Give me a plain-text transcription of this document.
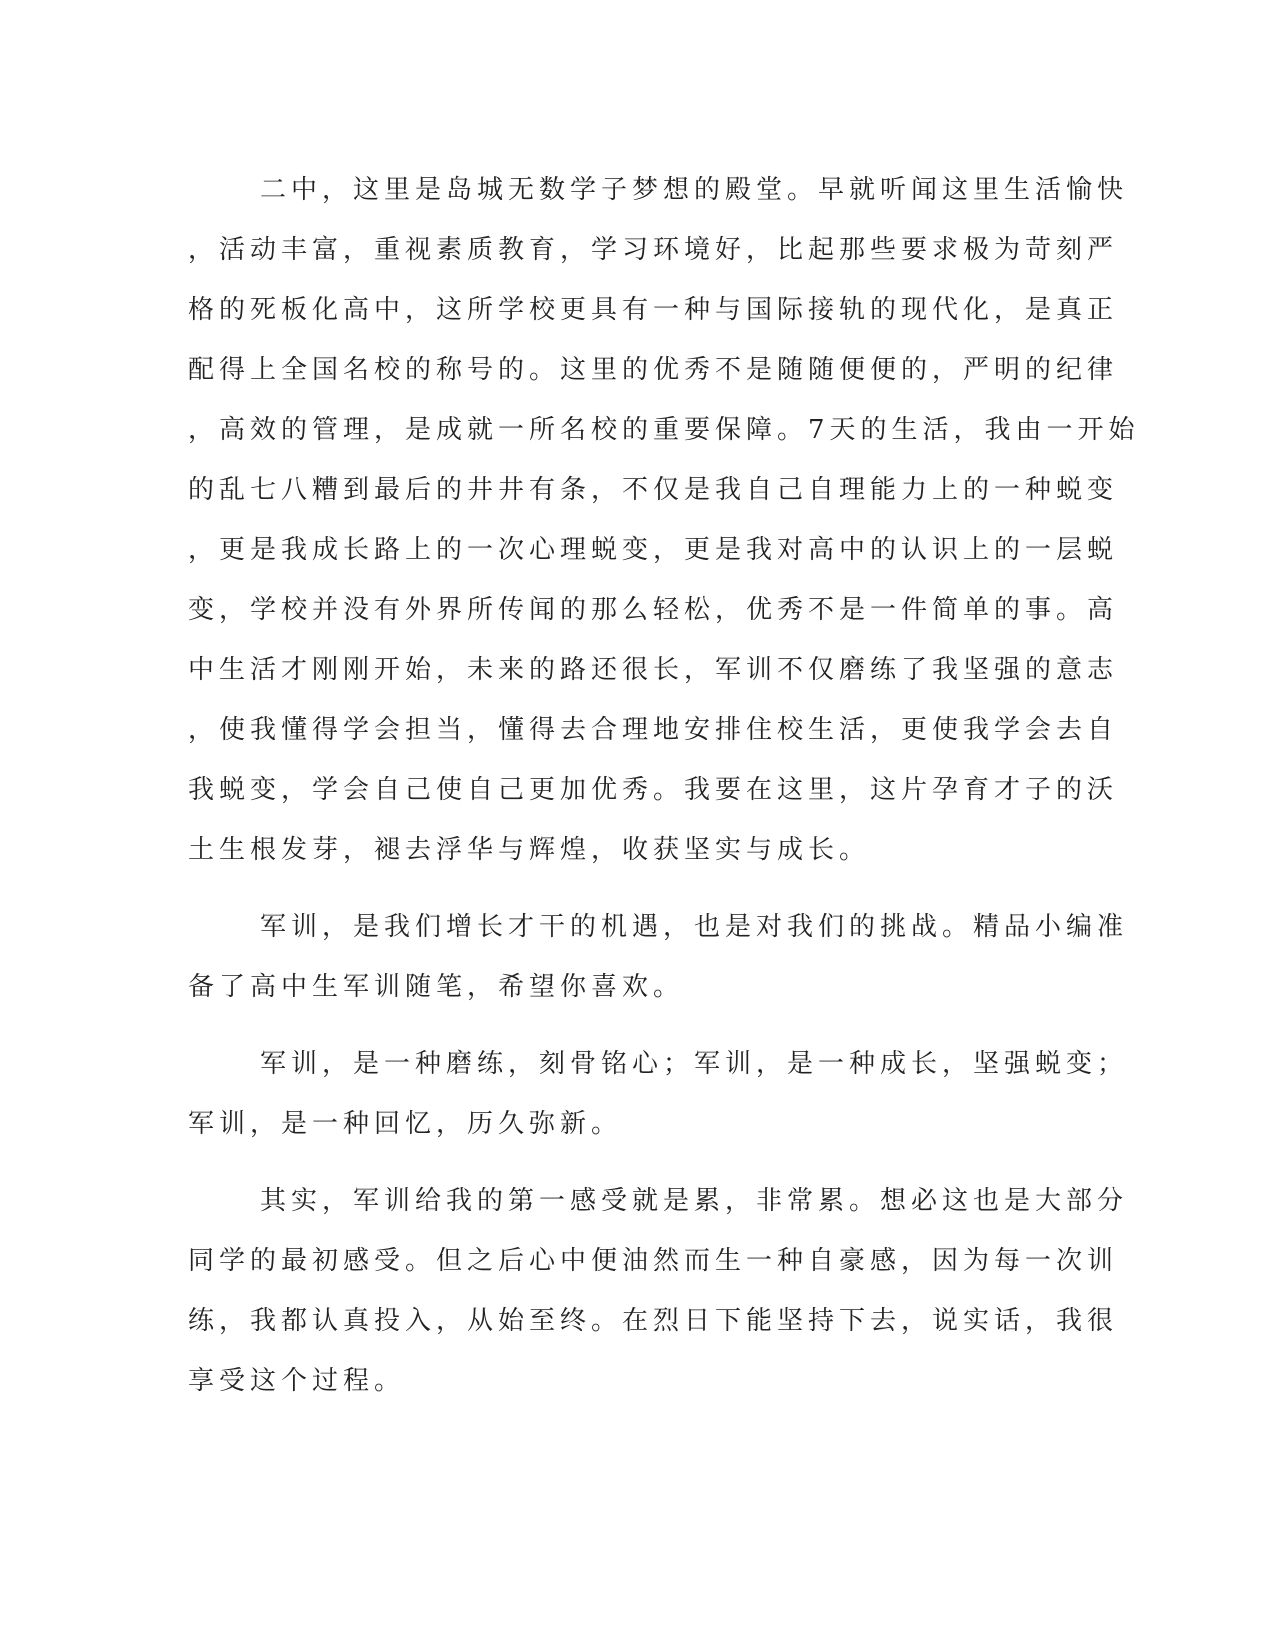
二中，这里是岛城无数学子梦想的殿堂。早就听闻这里生活愉快
，活动丰富，重视素质教育，学习环境好，比起那些要求极为苛刻严
格的死板化高中，这所学校更具有一种与国际接轨的现代化，是真正
配得上全国名校的称号的。这里的优秀不是随随便便的，严明的纪律
，高效的管理，是成就一所名校的重要保障。7天的生活，我由一开始
的乱七八糟到最后的井井有条，不仅是我自己自理能力上的一种蜕变
，更是我成长路上的一次心理蜕变，更是我对高中的认识上的一层蜕
变，学校并没有外界所传闻的那么轻松，优秀不是一件简单的事。高
中生活才刚刚开始，未来的路还很长，军训不仅磨练了我坚强的意志
，使我懂得学会担当，懂得去合理地安排住校生活，更使我学会去自
我蜕变，学会自己使自己更加优秀。我要在这里，这片孕育才子的沃
土生根发芽，褪去浮华与辉煌，收获坚实与成长。
军训，是我们增长才干的机遇，也是对我们的挑战。精品小编准
备了高中生军训随笔，希望你喜欢。
军训，是一种磨练，刻骨铭心；军训，是一种成长，坚强蜕变；
军训，是一种回忆，历久弥新。
其实，军训给我的第一感受就是累，非常累。想必这也是大部分
同学的最初感受。但之后心中便油然而生一种自豪感，因为每一次训
练，我都认真投入，从始至终。在烈日下能坚持下去，说实话，我很
享受这个过程。
